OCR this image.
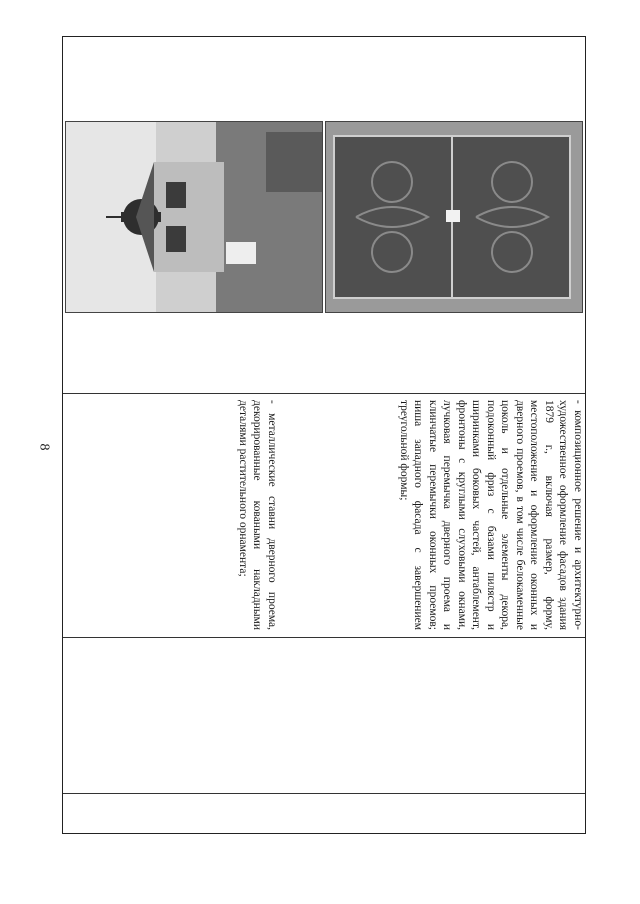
8	- композиционное решение и архитектурно-художественное оформление фасадов здания 1879 г., включая размер, форму, местоположение и оформление оконных и дверного проемов, в том числе белокаменные цоколь и отдельные элементы декора, подоконный фриз с базами пилястр и ширинками боковых частей, антаблемент, фронтоны с круглыми слуховыми окнами, лучковая перемычка дверного проема и клинчатые перемычки оконных проемов; ниша западного фасада с завершением треугольной формы;
- металлические ставни дверного проема, декорированные коваными накладными деталями растительного орнамента;
